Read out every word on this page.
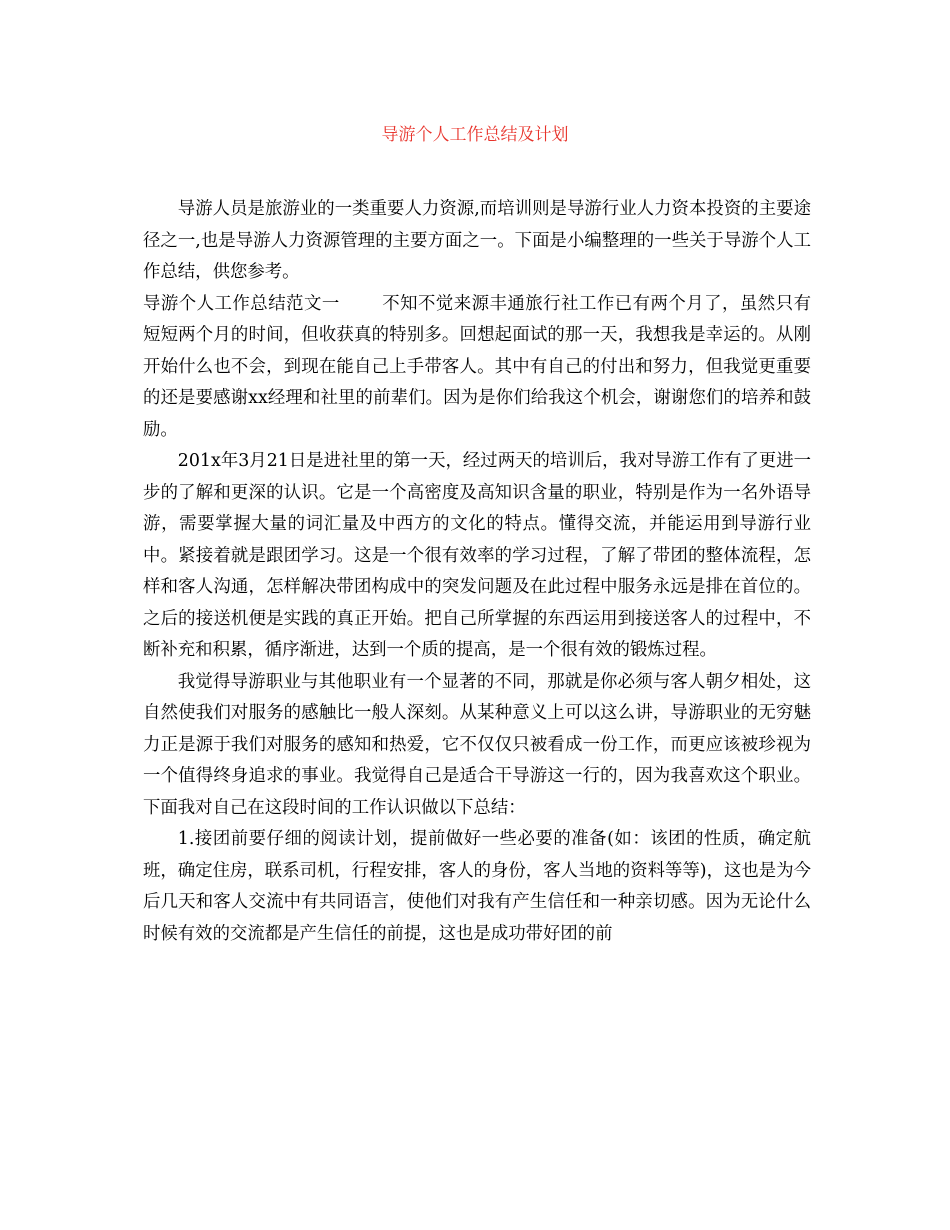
导游个人工作总结及计划

导游人员是旅游业的一类重要人力资源,而培训则是导游行业人力资本投资的主要途径之一,也是导游人力资源管理的主要方面之一。下面是小编整理的一些关于导游个人工作总结，供您参考。

导游个人工作总结范文一 不知不觉来源丰通旅行社工作已有两个月了，虽然只有短短两个月的时间，但收获真的特别多。回想起面试的那一天，我想我是幸运的。从刚开始什么也不会，到现在能自己上手带客人。其中有自己的付出和努力，但我觉更重要的还是要感谢xx经理和社里的前辈们。因为是你们给我这个机会，谢谢您们的培养和鼓励。

201x年3月21日是进社里的第一天，经过两天的培训后，我对导游工作有了更进一步的了解和更深的认识。它是一个高密度及高知识含量的职业，特别是作为一名外语导游，需要掌握大量的词汇量及中西方的文化的特点。懂得交流，并能运用到导游行业中。紧接着就是跟团学习。这是一个很有效率的学习过程，了解了带团的整体流程，怎样和客人沟通，怎样解决带团构成中的突发问题及在此过程中服务永远是排在首位的。之后的接送机便是实践的真正开始。把自己所掌握的东西运用到接送客人的过程中，不断补充和积累，循序渐进，达到一个质的提高，是一个很有效的锻炼过程。

我觉得导游职业与其他职业有一个显著的不同，那就是你必须与客人朝夕相处，这自然使我们对服务的感触比一般人深刻。从某种意义上可以这么讲，导游职业的无穷魅力正是源于我们对服务的感知和热爱，它不仅仅只被看成一份工作，而更应该被珍视为一个值得终身追求的事业。我觉得自己是适合干导游这一行的，因为我喜欢这个职业。下面我对自己在这段时间的工作认识做以下总结：

1.接团前要仔细的阅读计划，提前做好一些必要的准备(如：该团的性质，确定航班，确定住房，联系司机，行程安排，客人的身份，客人当地的资料等等)，这也是为今后几天和客人交流中有共同语言，使他们对我有产生信任和一种亲切感。因为无论什么时候有效的交流都是产生信任的前提，这也是成功带好团的前
